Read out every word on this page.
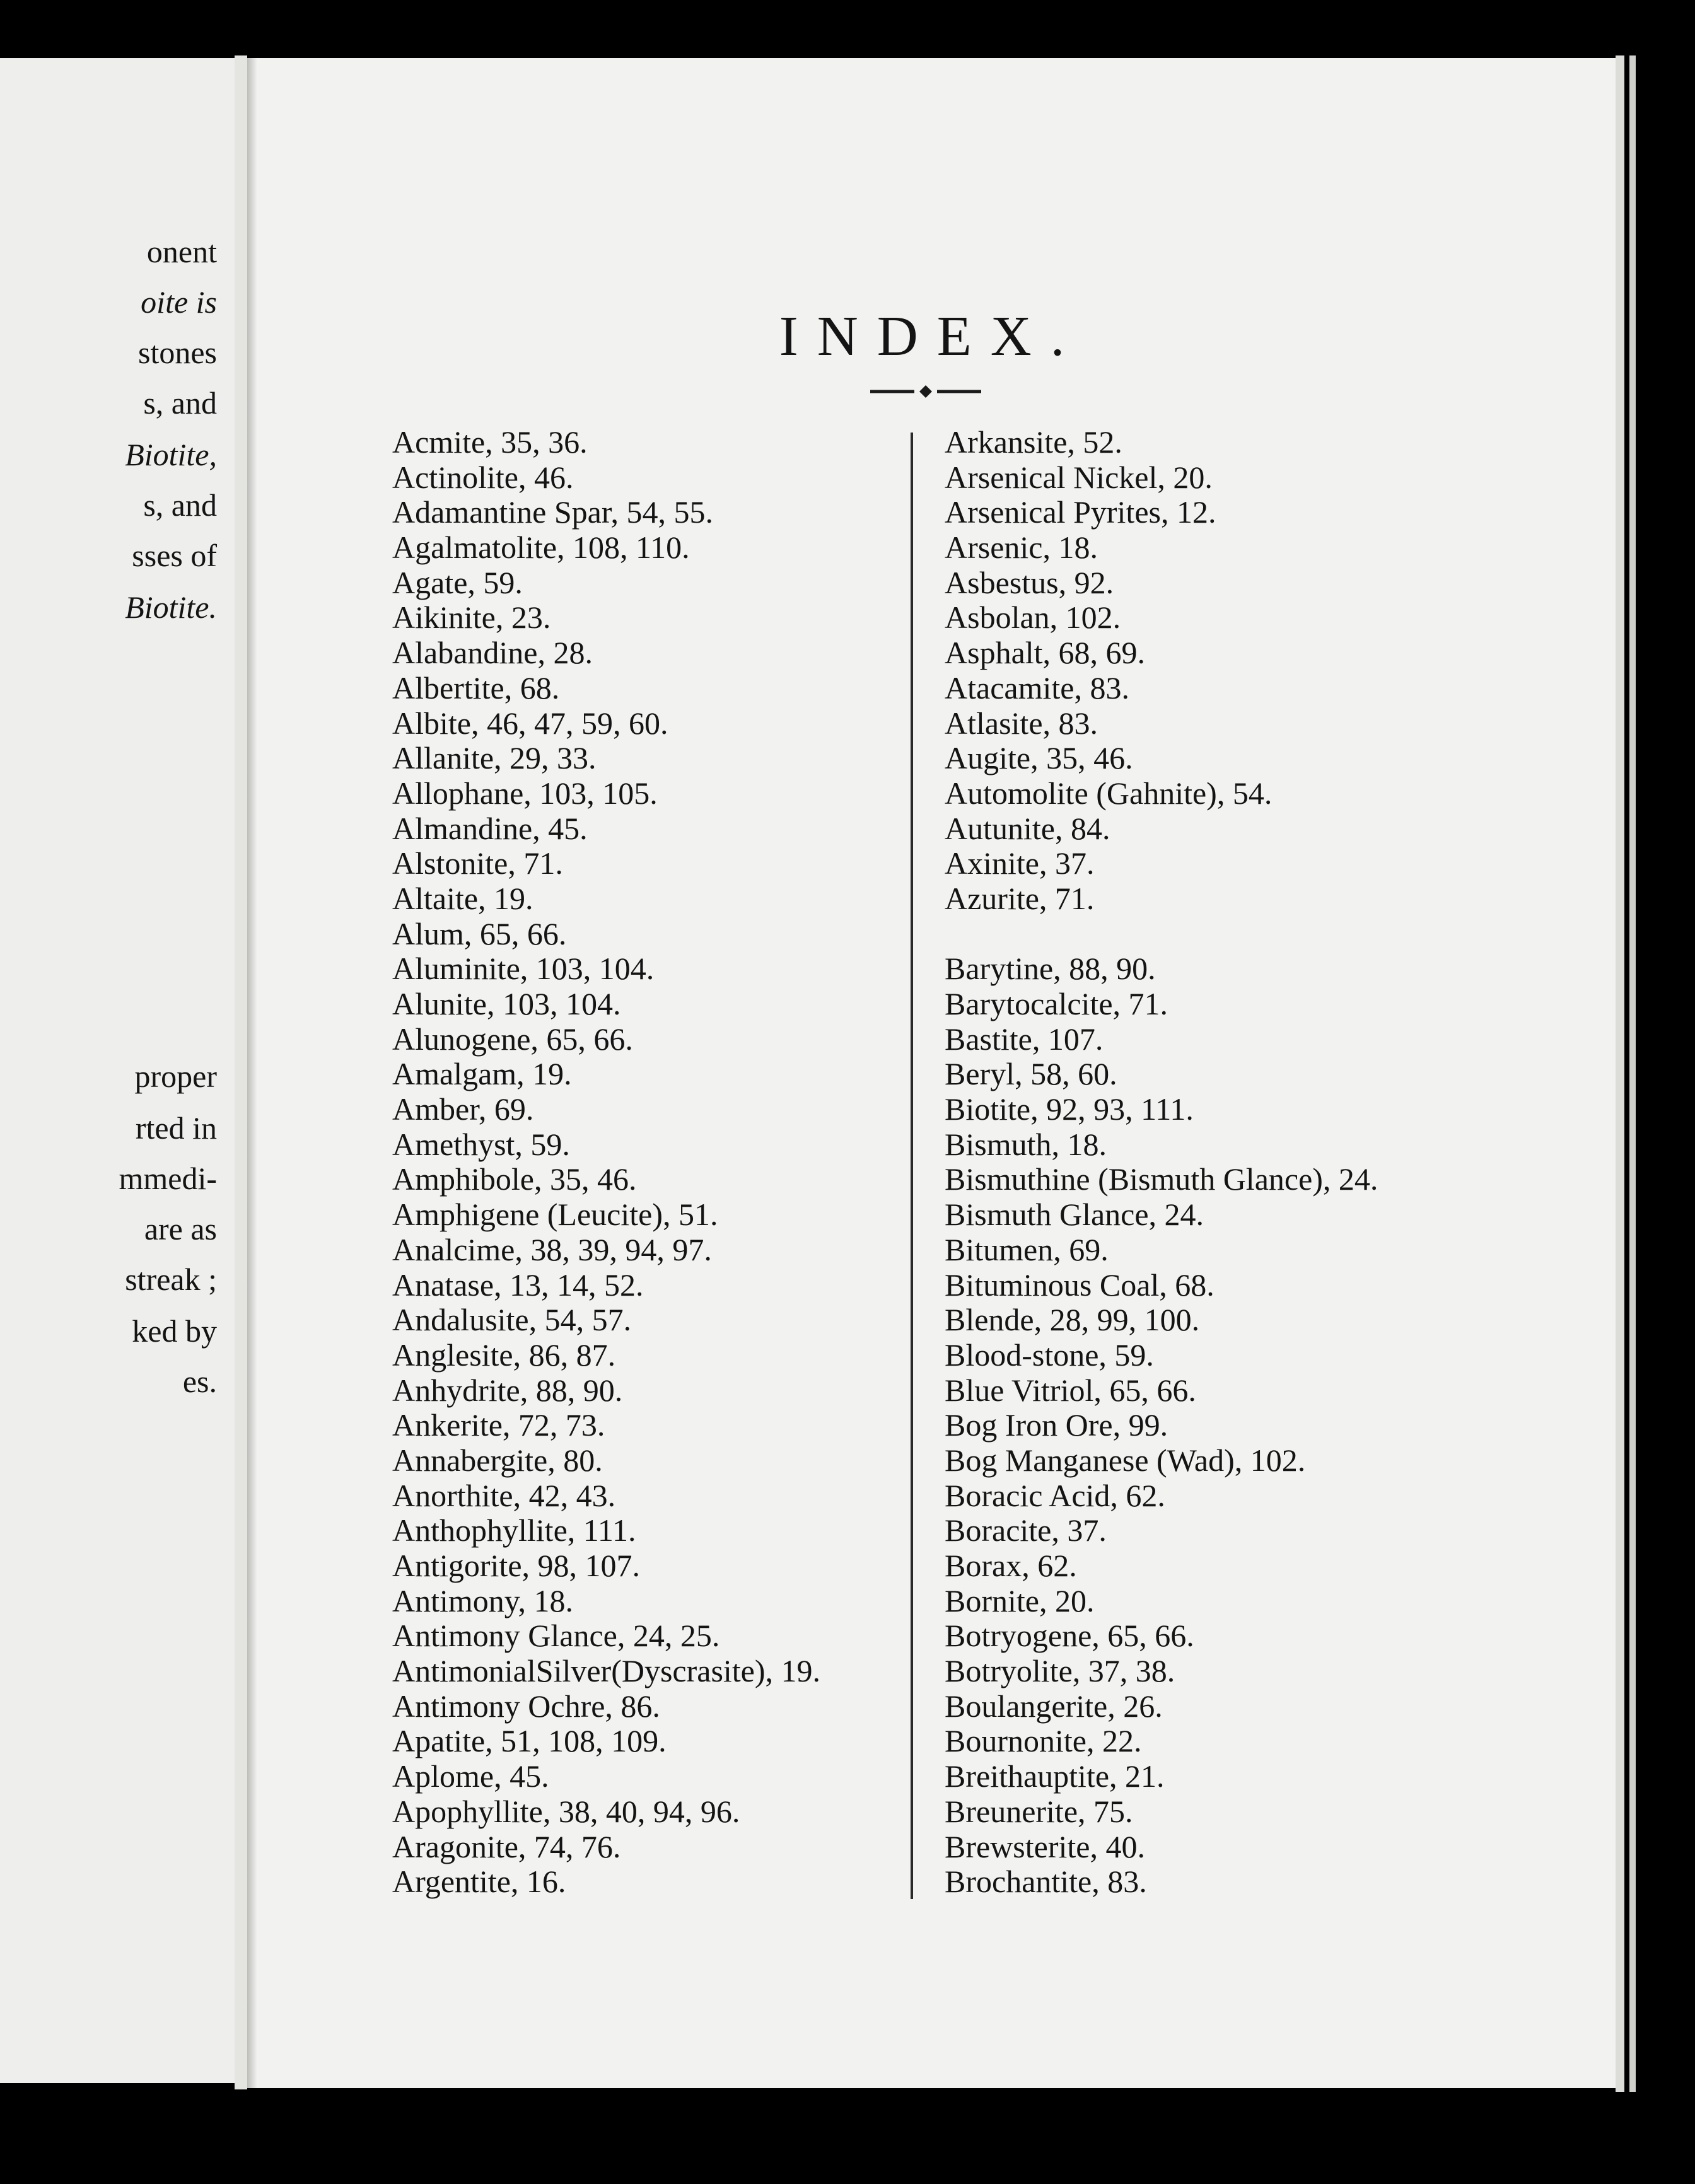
onent
oite is
stones
s, and
Biotite,
s, and
sses of
Biotite.
proper
rted in
mmedi-
are as
streak ;
ked by
es.
INDEX.
Acmite, 35, 36.
Actinolite, 46.
Adamantine Spar, 54, 55.
Agalmatolite, 108, 110.
Agate, 59.
Aikinite, 23.
Alabandine, 28.
Albertite, 68.
Albite, 46, 47, 59, 60.
Allanite, 29, 33.
Allophane, 103, 105.
Almandine, 45.
Alstonite, 71.
Altaite, 19.
Alum, 65, 66.
Aluminite, 103, 104.
Alunite, 103, 104.
Alunogene, 65, 66.
Amalgam, 19.
Amber, 69.
Amethyst, 59.
Amphibole, 35, 46.
Amphigene (Leucite), 51.
Analcime, 38, 39, 94, 97.
Anatase, 13, 14, 52.
Andalusite, 54, 57.
Anglesite, 86, 87.
Anhydrite, 88, 90.
Ankerite, 72, 73.
Annabergite, 80.
Anorthite, 42, 43.
Anthophyllite, 111.
Antigorite, 98, 107.
Antimony, 18.
Antimony Glance, 24, 25.
AntimonialSilver(Dyscrasite), 19.
Antimony Ochre, 86.
Apatite, 51, 108, 109.
Aplome, 45.
Apophyllite, 38, 40, 94, 96.
Aragonite, 74, 76.
Argentite, 16.
Arkansite, 52.
Arsenical Nickel, 20.
Arsenical Pyrites, 12.
Arsenic, 18.
Asbestus, 92.
Asbolan, 102.
Asphalt, 68, 69.
Atacamite, 83.
Atlasite, 83.
Augite, 35, 46.
Automolite (Gahnite), 54.
Autunite, 84.
Axinite, 37.
Azurite, 71.
Barytine, 88, 90.
Barytocalcite, 71.
Bastite, 107.
Beryl, 58, 60.
Biotite, 92, 93, 111.
Bismuth, 18.
Bismuthine (Bismuth Glance), 24.
Bismuth Glance, 24.
Bitumen, 69.
Bituminous Coal, 68.
Blende, 28, 99, 100.
Blood-stone, 59.
Blue Vitriol, 65, 66.
Bog Iron Ore, 99.
Bog Manganese (Wad), 102.
Boracic Acid, 62.
Boracite, 37.
Borax, 62.
Bornite, 20.
Botryogene, 65, 66.
Botryolite, 37, 38.
Boulangerite, 26.
Bournonite, 22.
Breithauptite, 21.
Breunerite, 75.
Brewsterite, 40.
Brochantite, 83.
